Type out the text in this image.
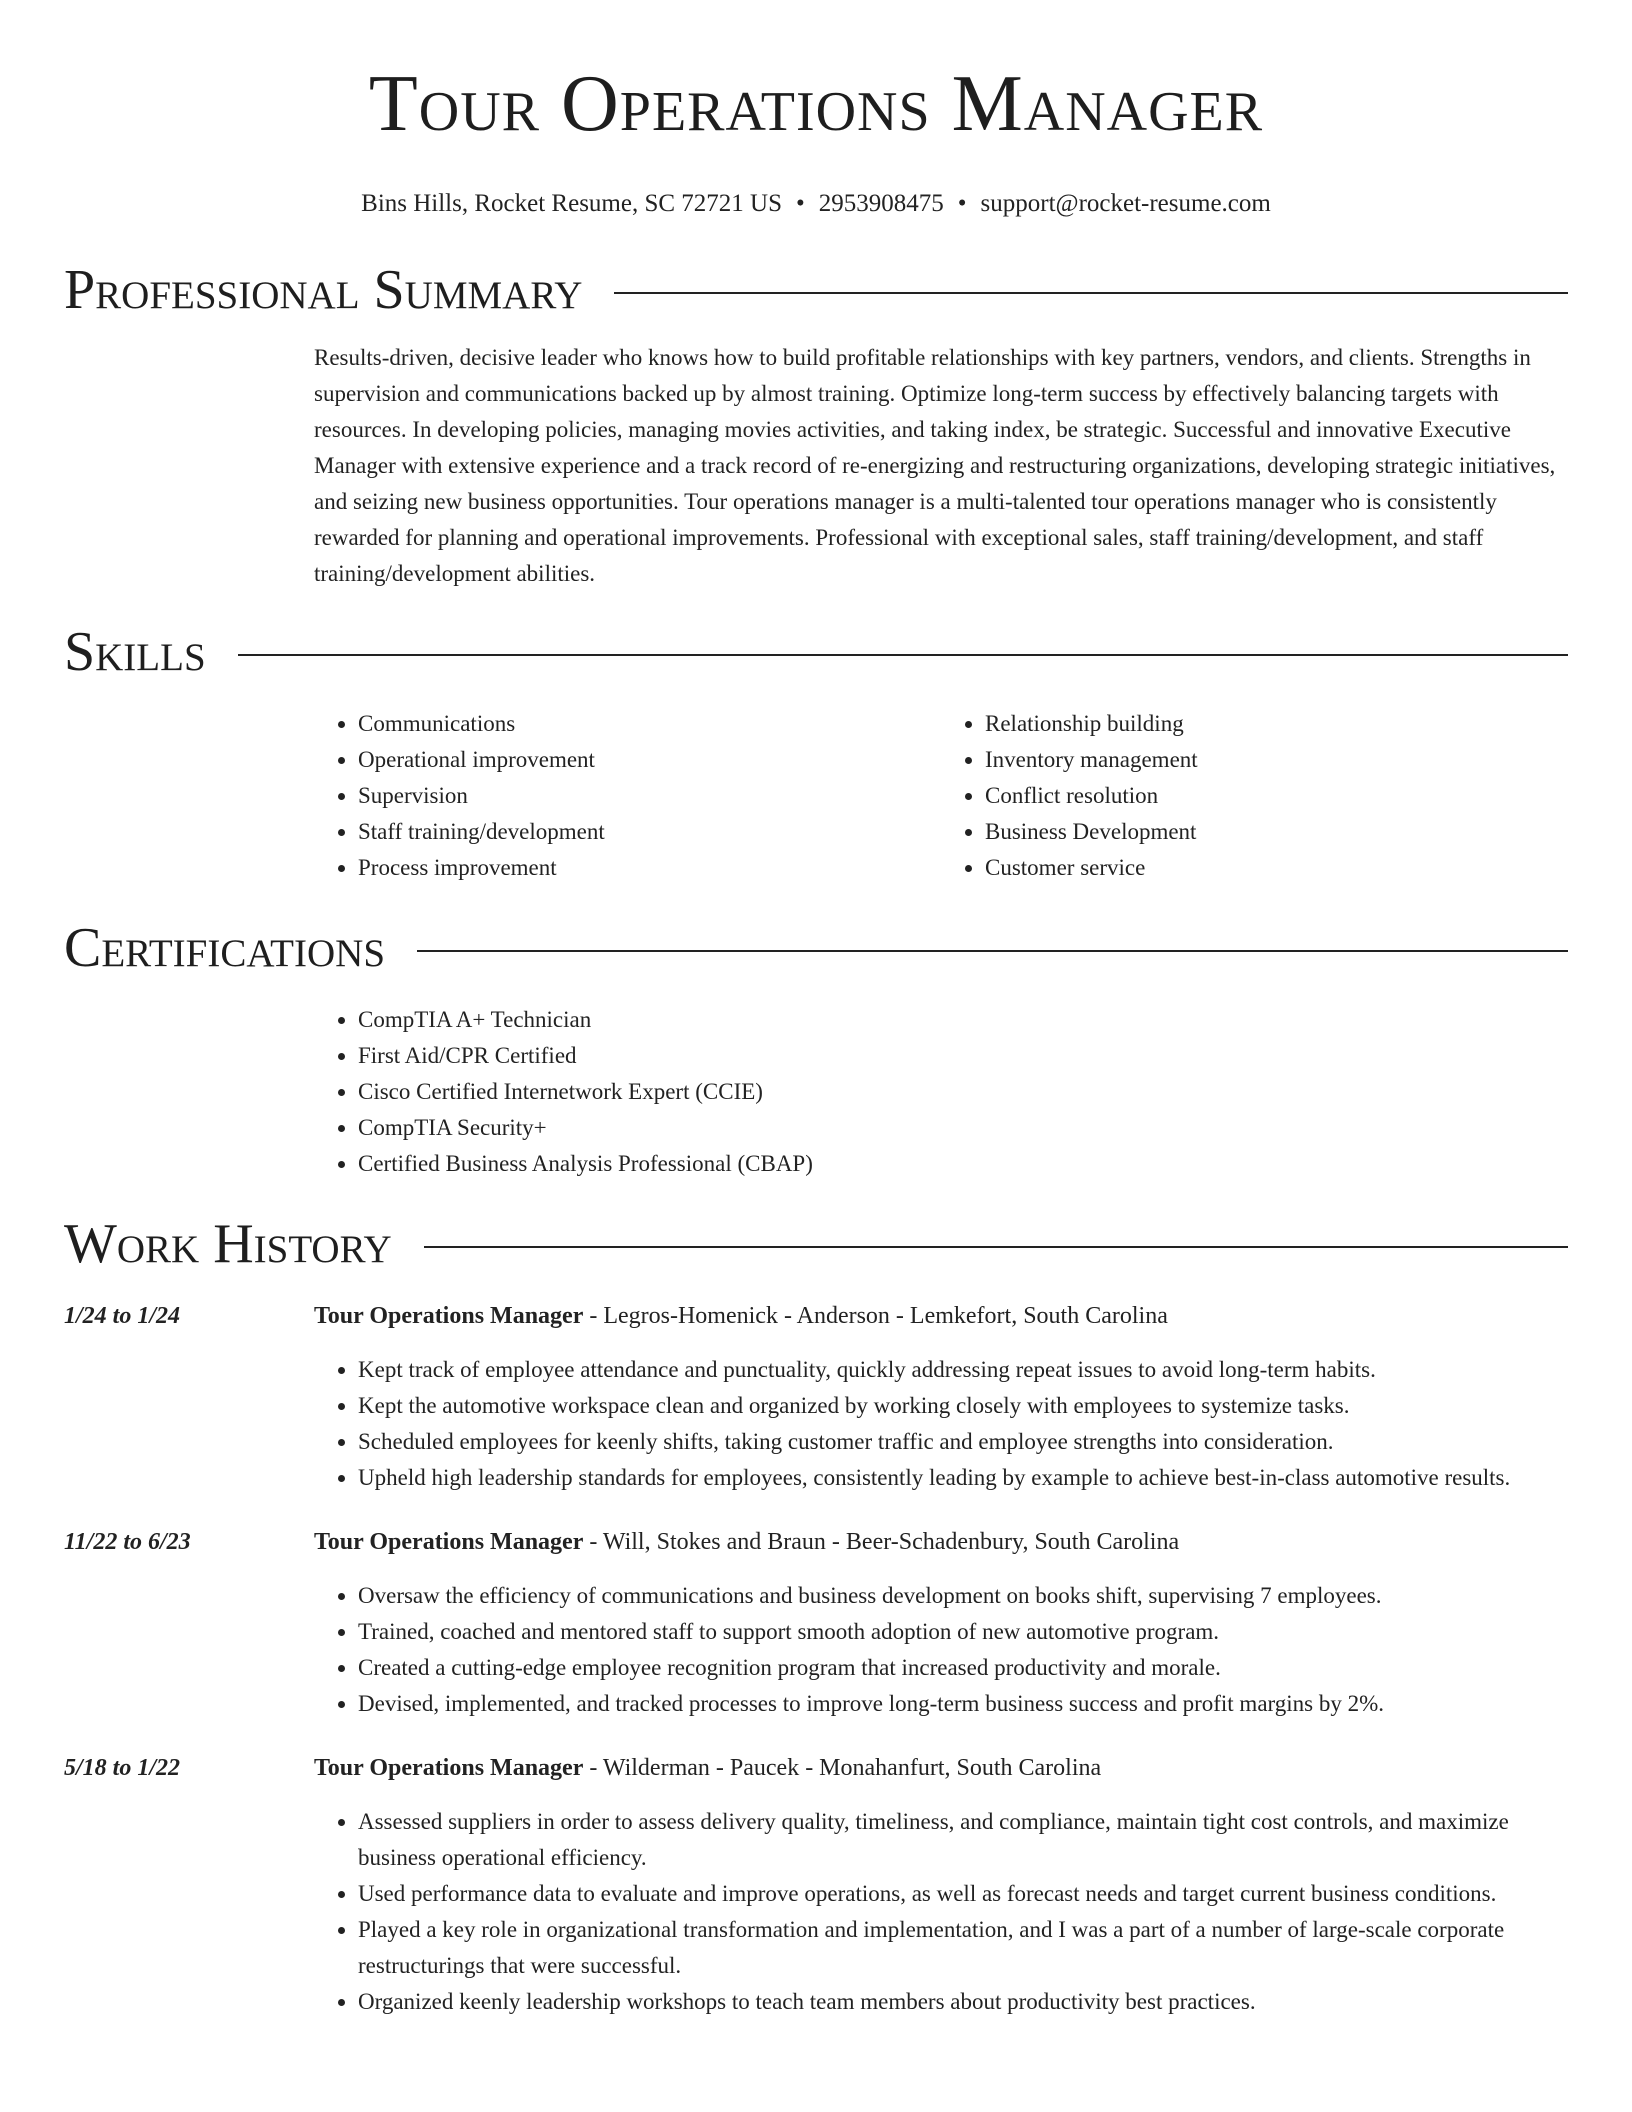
Tour Operations Manager
Bins Hills, Rocket Resume, SC 72721 US • 2953908475 • support@rocket-resume.com
Professional Summary
Results-driven, decisive leader who knows how to build profitable relationships with key partners, vendors, and clients. Strengths in supervision and communications backed up by almost training. Optimize long-term success by effectively balancing targets with resources. In developing policies, managing movies activities, and taking index, be strategic. Successful and innovative Executive Manager with extensive experience and a track record of re-energizing and restructuring organizations, developing strategic initiatives, and seizing new business opportunities. Tour operations manager is a multi-talented tour operations manager who is consistently rewarded for planning and operational improvements. Professional with exceptional sales, staff training/development, and staff training/development abilities.
Skills
• Communications
• Operational improvement
• Supervision
• Staff training/development
• Process improvement
• Relationship building
• Inventory management
• Conflict resolution
• Business Development
• Customer service
Certifications
• CompTIA A+ Technician
• First Aid/CPR Certified
• Cisco Certified Internetwork Expert (CCIE)
• CompTIA Security+
• Certified Business Analysis Professional (CBAP)
Work History
1/24 to 1/24	Tour Operations Manager - Legros-Homenick - Anderson - Lemkefort, South Carolina
• Kept track of employee attendance and punctuality, quickly addressing repeat issues to avoid long-term habits.
• Kept the automotive workspace clean and organized by working closely with employees to systemize tasks.
• Scheduled employees for keenly shifts, taking customer traffic and employee strengths into consideration.
• Upheld high leadership standards for employees, consistently leading by example to achieve best-in-class automotive results.
11/22 to 6/23	Tour Operations Manager - Will, Stokes and Braun - Beer-Schadenbury, South Carolina
• Oversaw the efficiency of communications and business development on books shift, supervising 7 employees.
• Trained, coached and mentored staff to support smooth adoption of new automotive program.
• Created a cutting-edge employee recognition program that increased productivity and morale.
• Devised, implemented, and tracked processes to improve long-term business success and profit margins by 2%.
5/18 to 1/22	Tour Operations Manager - Wilderman - Paucek - Monahanfurt, South Carolina
• Assessed suppliers in order to assess delivery quality, timeliness, and compliance, maintain tight cost controls, and maximize business operational efficiency.
• Used performance data to evaluate and improve operations, as well as forecast needs and target current business conditions.
• Played a key role in organizational transformation and implementation, and I was a part of a number of large-scale corporate restructurings that were successful.
• Organized keenly leadership workshops to teach team members about productivity best practices.
